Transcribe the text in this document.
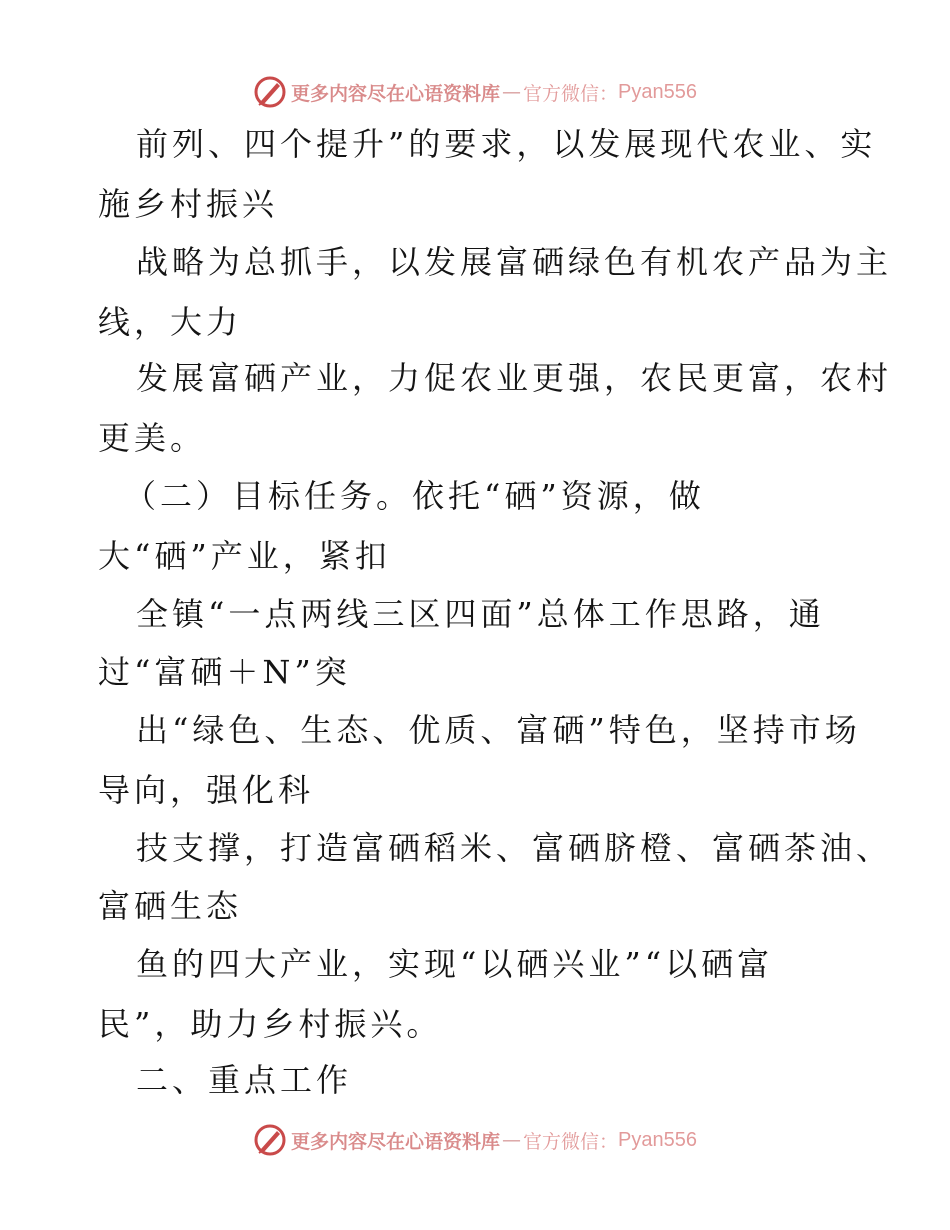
更多内容尽在心语资料库 — 官方微信： Pyan556
前列、四个提升”的要求，以发展现代农业、实
施乡村振兴
战略为总抓手，以发展富硒绿色有机农产品为主
线，大力
发展富硒产业，力促农业更强，农民更富，农村
更美。
（二）目标任务。依托“硒”资源，做
大“硒”产业，紧扣
全镇“一点两线三区四面”总体工作思路，通
过“富硒＋N”突
出“绿色、生态、优质、富硒”特色，坚持市场
导向，强化科
技支撑，打造富硒稻米、富硒脐橙、富硒茶油、
富硒生态
鱼的四大产业，实现“以硒兴业”“以硒富
民”，助力乡村振兴。
二、重点工作
更多内容尽在心语资料库 — 官方微信： Pyan556
